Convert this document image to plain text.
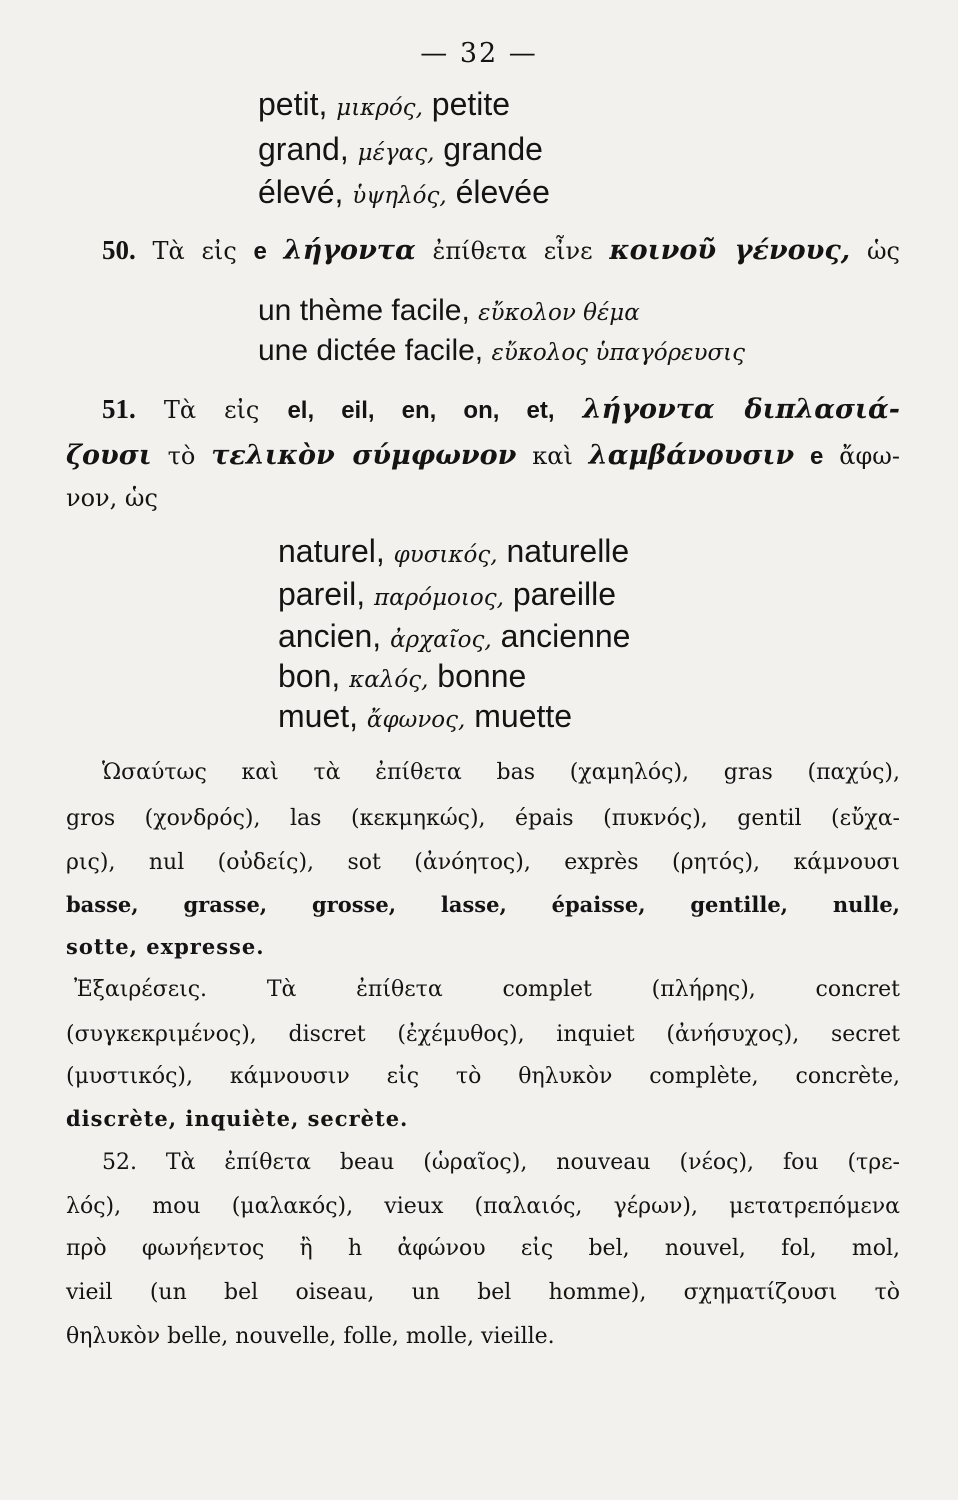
— 32 —
petit, μικρός, petite
grand, μέγας, grande
élevé, ὑψηλός, élevée
50. Τὰ εἰς e λήγοντα ἐπίθετα εἶνε κοινοῦ γένους, ὡς
un thème facile, εὔκολον θέμα
une dictée facile, εὔκολος ὑπαγόρευσις
51. Τὰ εἰς el, eil, en, on, et, λήγοντα διπλασιά-
ζουσι τὸ τελικὸν σύμφωνον καὶ λαμβάνουσιν e ἄφω-
νον, ὡς
naturel, φυσικός, naturelle
pareil, παρόμοιος, pareille
ancien, ἀρχαῖος, ancienne
bon, καλός, bonne
muet, ἄφωνος, muette
Ὡσαύτως καὶ τὰ ἐπίθετα bas (χαμηλός), gras (παχύς),
gros (χονδρός), las (κεκμηκώς), épais (πυκνός), gentil (εὔχα-
ρις), nul (οὐδείς), sot (ἀνόητος), exprès (ρητός), κάμνουσι
basse, grasse, grosse, lasse, épaisse, gentille, nulle,
sotte, expresse.
Ἐξαιρέσεις. Τὰ ἐπίθετα complet (πλήρης), concret
(συγκεκριμένος), discret (ἐχέμυθος), inquiet (ἀνήσυχος), secret
(μυστικός), κάμνουσιν εἰς τὸ θηλυκὸν complète, concrète,
discrète, inquiète, secrète.
52. Τὰ ἐπίθετα beau (ὡραῖος), nouveau (νέος), fou (τρε-
λός), mou (μαλακός), vieux (παλαιός, γέρων), μετατρεπόμενα
πρὸ φωνήεντος ἢ h ἀφώνου εἰς bel, nouvel, fol, mol,
vieil (un bel oiseau, un bel homme), σχηματίζουσι τὸ
θηλυκὸν belle, nouvelle, folle, molle, vieille.
